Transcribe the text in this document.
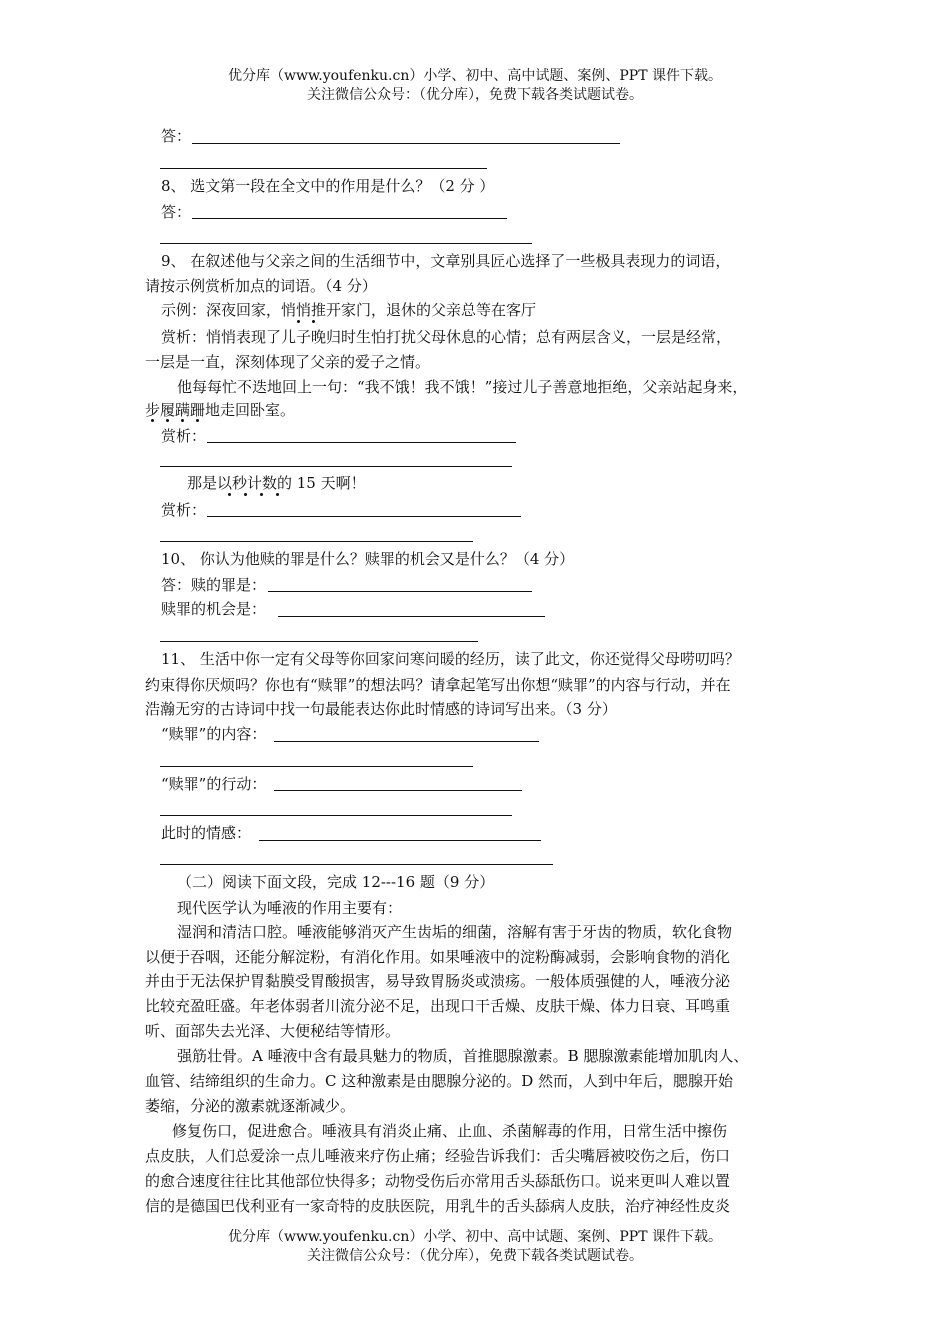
优分库（www.youfenku.cn）小学、初中、高中试题、案例、PPT 课件下载。
关注微信公众号：（优分库），免费下载各类试题试卷。
答：
8、 选文第一段在全文中的作用是什么？（2 分 ）
答：
9、 在叙述他与父亲之间的生活细节中，文章别具匠心选择了一些极具表现力的词语，
请按示例赏析加点的词语。（4 分）
示例：深夜回家，悄悄推开家门，退休的父亲总等在客厅
赏析：悄悄表现了儿子晚归时生怕打扰父母休息的心情；总有两层含义，一层是经常，
一层是一直，深刻体现了父亲的爱子之情。
他每每忙不迭地回上一句：“我不饿！我不饿！”接过儿子善意地拒绝，父亲站起身来，
步履蹒跚地走回卧室。
赏析：
那是以秒计数的 15 天啊！
赏析：
10、 你认为他赎的罪是什么？赎罪的机会又是什么？（4 分）
答：赎的罪是：
赎罪的机会是：
11、 生活中你一定有父母等你回家问寒问暖的经历，读了此文，你还觉得父母唠叨吗？
约束得你厌烦吗？你也有“赎罪”的想法吗？请拿起笔写出你想“赎罪”的内容与行动，并在
浩瀚无穷的古诗词中找一句最能表达你此时情感的诗词写出来。（3 分）
“赎罪”的内容：
“赎罪”的行动：
此时的情感：
（二）阅读下面文段，完成 12---16 题（9 分）
现代医学认为唾液的作用主要有：
湿润和清洁口腔。唾液能够消灭产生齿垢的细菌，溶解有害于牙齿的物质，软化食物
以便于吞咽，还能分解淀粉，有消化作用。如果唾液中的淀粉酶减弱，会影响食物的消化
并由于无法保护胃黏膜受胃酸损害，易导致胃肠炎或溃疡。一般体质强健的人，唾液分泌
比较充盈旺盛。年老体弱者川流分泌不足，出现口干舌燥、皮肤干燥、体力日衰、耳鸣重
听、面部失去光泽、大便秘结等情形。
强筋壮骨。A 唾液中含有最具魅力的物质，首推腮腺激素。B 腮腺激素能增加肌肉人、
血管、结缔组织的生命力。C 这种激素是由腮腺分泌的。D 然而，人到中年后，腮腺开始
萎缩，分泌的激素就逐渐减少。
修复伤口，促进愈合。唾液具有消炎止痛、止血、杀菌解毒的作用，日常生活中擦伤
点皮肤，人们总爱涂一点儿唾液来疗伤止痛；经验告诉我们：舌尖嘴唇被咬伤之后，伤口
的愈合速度往往比其他部位快得多；动物受伤后亦常用舌头舔舐伤口。说来更叫人难以置
信的是德国巴伐利亚有一家奇特的皮肤医院，用乳牛的舌头舔病人皮肤，治疗神经性皮炎
优分库（www.youfenku.cn）小学、初中、高中试题、案例、PPT 课件下载。
关注微信公众号：（优分库），免费下载各类试题试卷。
